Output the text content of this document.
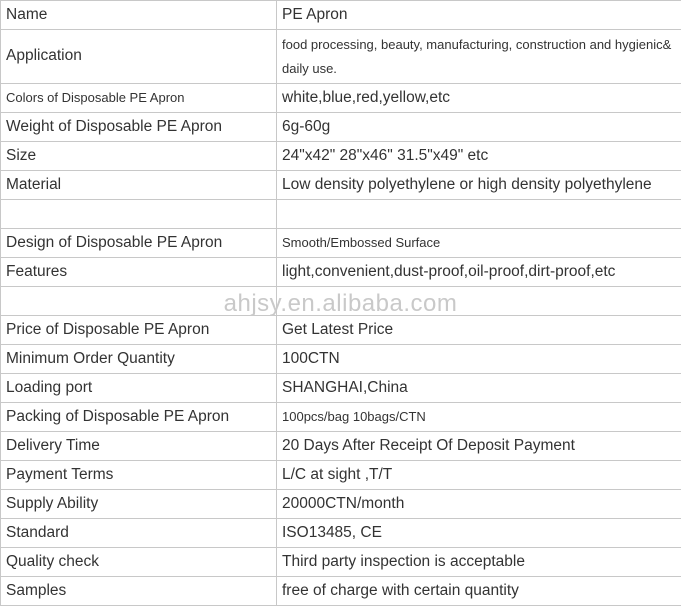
Name	PE Apron
Application	food processing, beauty, manufacturing, construction and hygienic& daily use.
Colors of Disposable PE Apron	white,blue,red,yellow,etc
Weight of Disposable PE Apron	6g-60g
Size	24"x42" 28"x46" 31.5"x49" etc
Material	Low density polyethylene or high density polyethylene

Design of Disposable PE Apron	Smooth/Embossed Surface
Features	light,convenient,dust-proof,oil-proof,dirt-proof,etc

Price of Disposable PE Apron	Get Latest Price
Minimum Order Quantity	100CTN
Loading port	SHANGHAI,China
Packing of Disposable PE Apron	100pcs/bag 10bags/CTN
Delivery Time	20 Days After Receipt Of Deposit Payment
Payment Terms	L/C at sight ,T/T
Supply Ability	20000CTN/month
Standard	ISO13485, CE
Quality check	Third party inspection is acceptable
Samples	free of charge with certain quantity
ahjsy.en.alibaba.com
